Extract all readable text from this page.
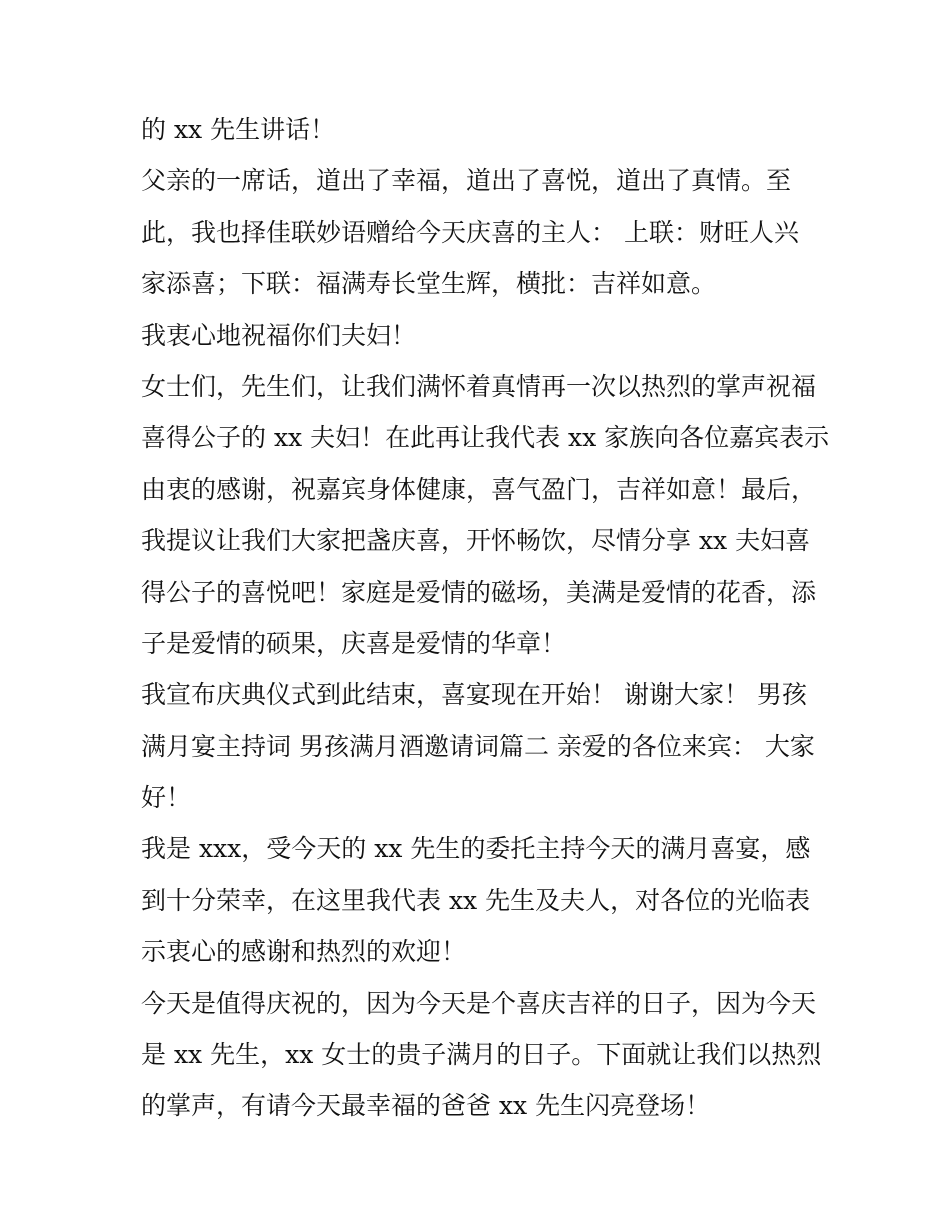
的 xx 先生讲话！
父亲的一席话，道出了幸福，道出了喜悦，道出了真情。至
此，我也择佳联妙语赠给今天庆喜的主人： 上联：财旺人兴
家添喜；下联：福满寿长堂生辉，横批：吉祥如意。
我衷心地祝福你们夫妇！
女士们，先生们，让我们满怀着真情再一次以热烈的掌声祝福
喜得公子的 xx 夫妇！在此再让我代表 xx 家族向各位嘉宾表示
由衷的感谢，祝嘉宾身体健康，喜气盈门，吉祥如意！最后，
我提议让我们大家把盏庆喜，开怀畅饮，尽情分享 xx 夫妇喜
得公子的喜悦吧！家庭是爱情的磁场，美满是爱情的花香，添
子是爱情的硕果，庆喜是爱情的华章！
我宣布庆典仪式到此结束，喜宴现在开始！ 谢谢大家！ 男孩
满月宴主持词 男孩满月酒邀请词篇二 亲爱的各位来宾： 大家
好！
我是 xxx，受今天的 xx 先生的委托主持今天的满月喜宴，感
到十分荣幸，在这里我代表 xx 先生及夫人，对各位的光临表
示衷心的感谢和热烈的欢迎！
今天是值得庆祝的，因为今天是个喜庆吉祥的日子，因为今天
是 xx 先生，xx 女士的贵子满月的日子。下面就让我们以热烈
的掌声，有请今天最幸福的爸爸 xx 先生闪亮登场！
